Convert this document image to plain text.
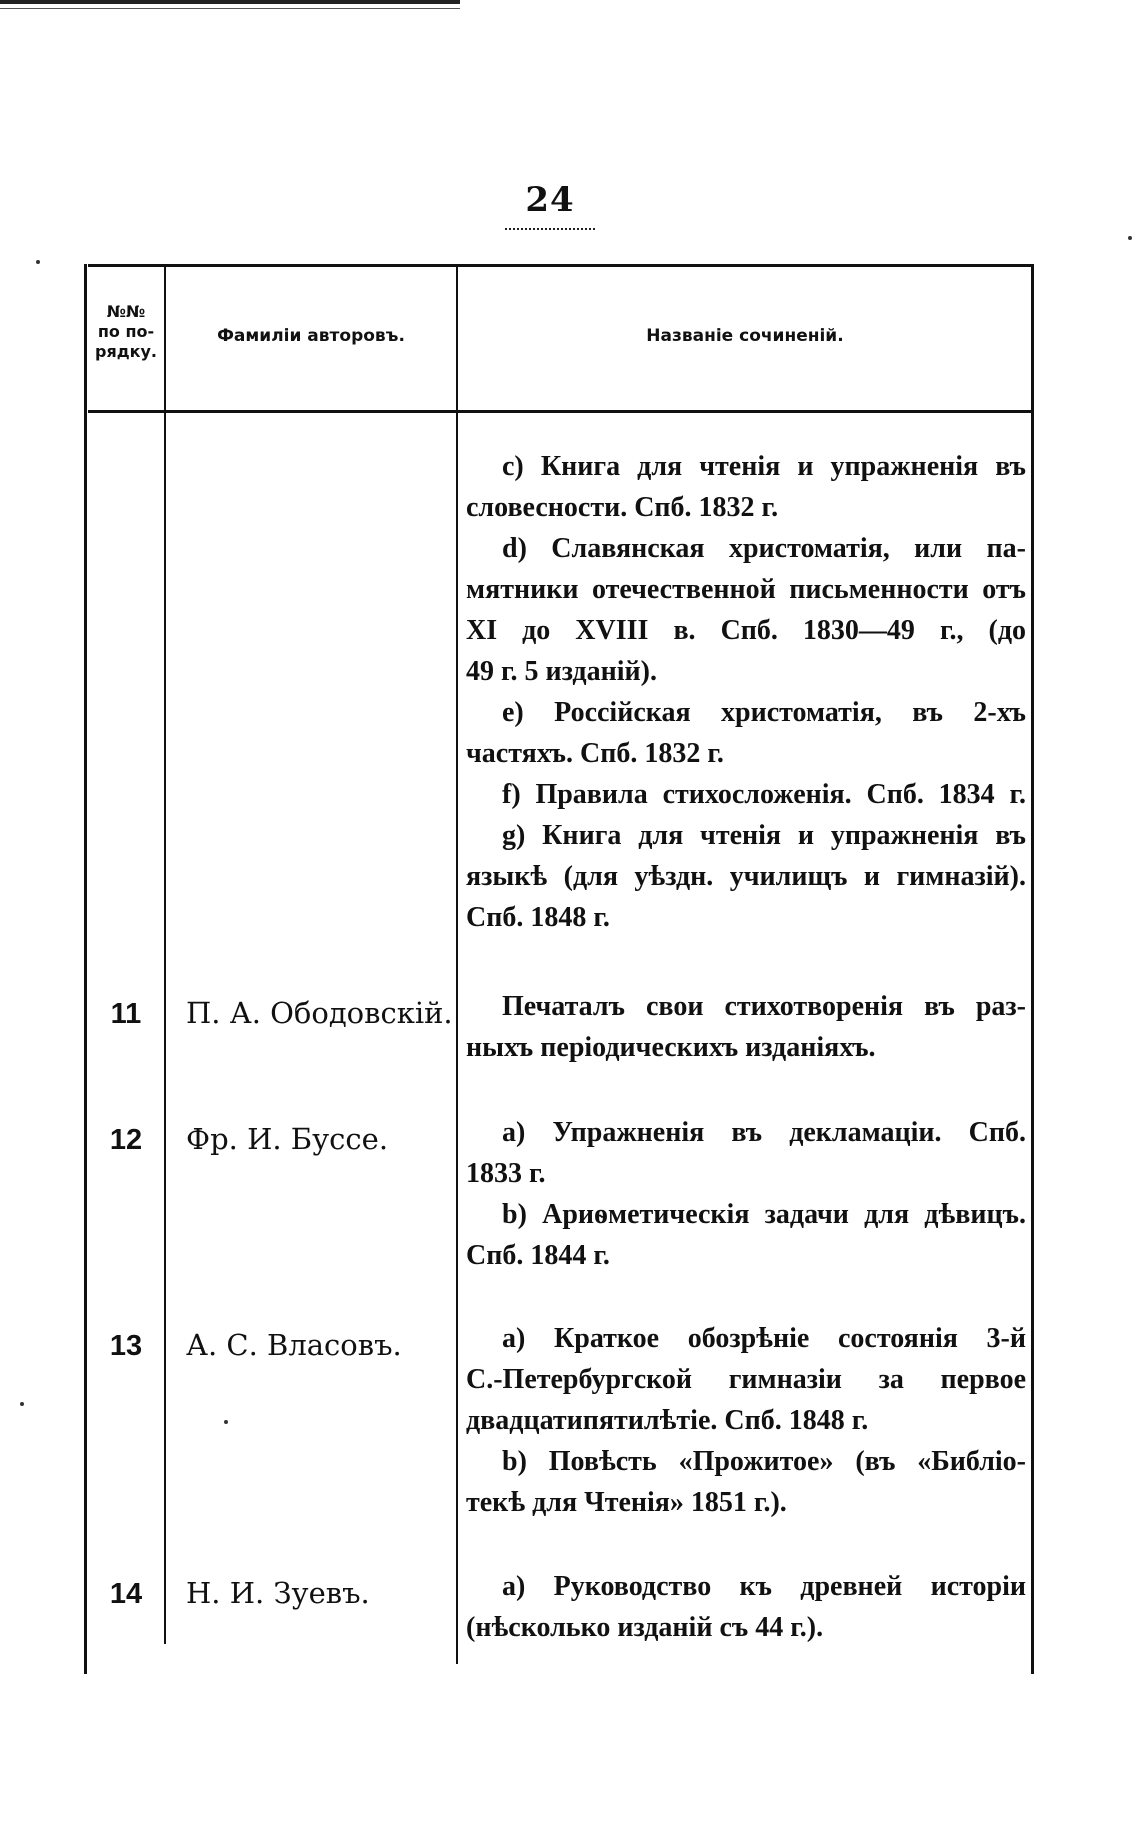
24
№№
по по-
рядку.
Фамиліи авторовъ.	Названіе сочиненій.
c) Книга для чтенія и упражненія въ
словесности. Спб. 1832 г.
d) Славянская христоматія, или па-
мятники отечественной письменности отъ
XI до XVIII в. Спб. 1830—49 г., (до
49 г. 5 изданій).
e) Россійская христоматія, въ 2-хъ
частяхъ. Спб. 1832 г.
f) Правила стихосложенія. Спб. 1834 г.
g) Книга для чтенія и упражненія въ
языкѣ (для уѣздн. училищъ и гимназій).
Спб. 1848 г.
11	П. А. Ободовскій.	Печаталъ свои стихотворенія въ раз-
ныхъ періодическихъ изданіяхъ.
12	Фр. И. Буссе.	a) Упражненія въ декламаціи. Спб.
1833 г.
b) Ариѳметическія задачи для дѣвицъ.
Спб. 1844 г.
13	А. С. Власовъ.	a) Краткое обозрѣніе состоянія 3-й
С.-Петербургской гимназіи за первое
двадцатипятилѣтіе. Спб. 1848 г.
b) Повѣсть «Прожитое» (въ «Библіо-
текѣ для Чтенія» 1851 г.).
14	Н. И. Зуевъ.	a) Руководство къ древней исторіи
(нѣсколько изданій съ 44 г.).
